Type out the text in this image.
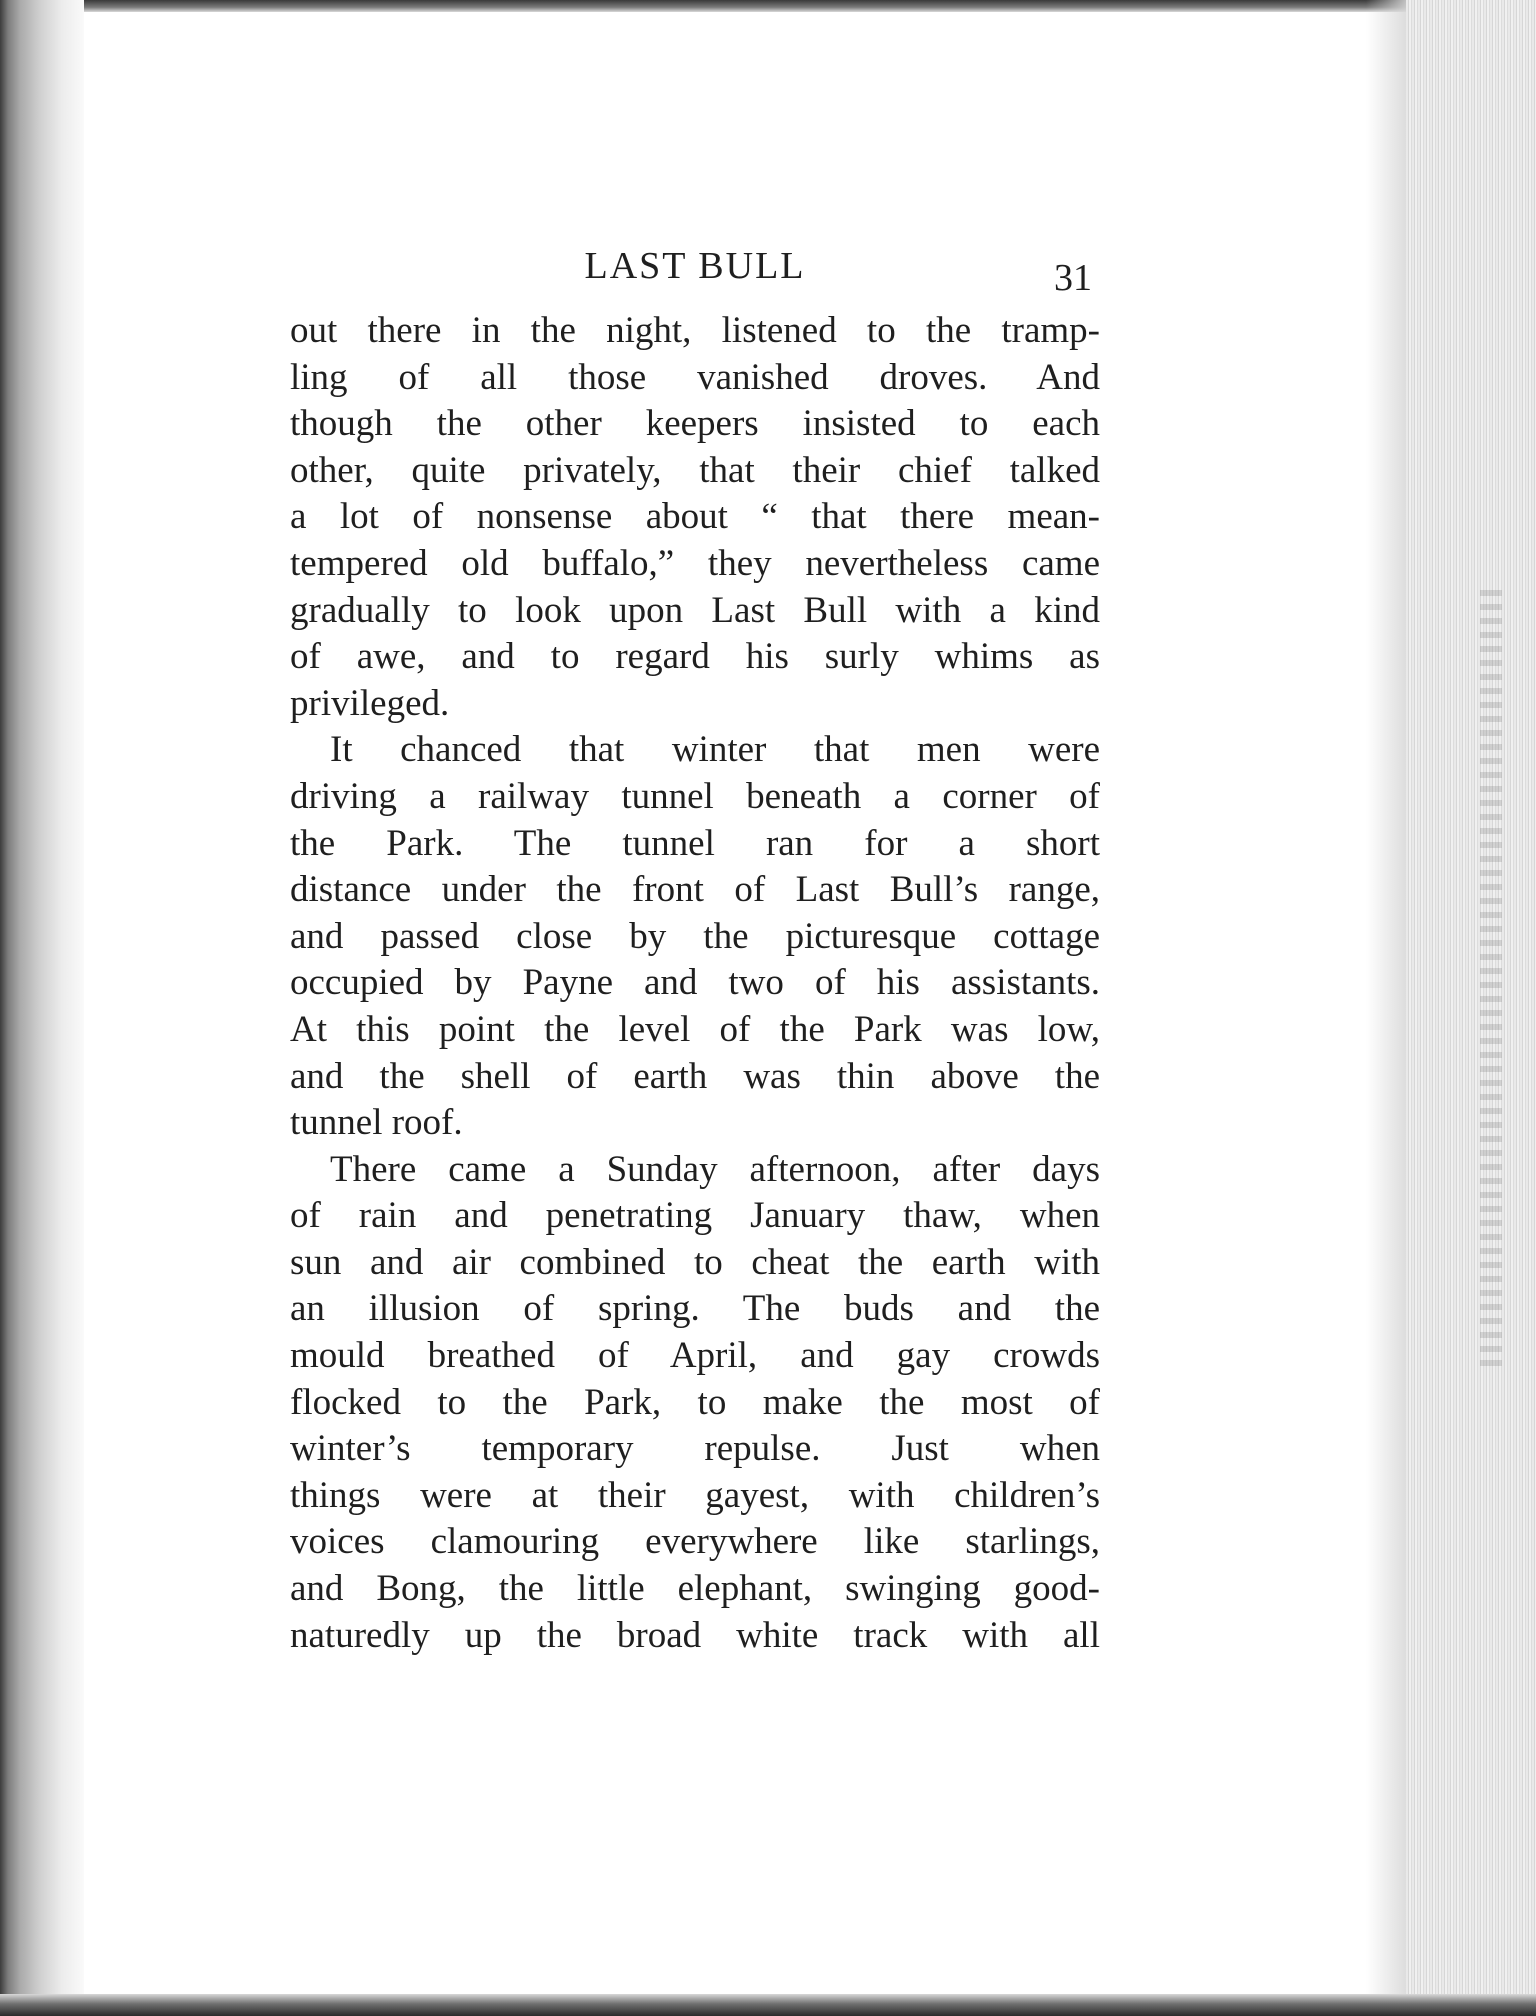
LAST BULL	31

out there in the night, listened to the tramp-
ling of all those vanished droves. And
though the other keepers insisted to each
other, quite privately, that their chief talked
a lot of nonsense about “ that there mean-
tempered old buffalo,” they nevertheless came
gradually to look upon Last Bull with a kind
of awe, and to regard his surly whims as
privileged.

It chanced that winter that men were
driving a railway tunnel beneath a corner of
the Park. The tunnel ran for a short
distance under the front of Last Bull’s range,
and passed close by the picturesque cottage
occupied by Payne and two of his assistants.
At this point the level of the Park was low,
and the shell of earth was thin above the
tunnel roof.

There came a Sunday afternoon, after days
of rain and penetrating January thaw, when
sun and air combined to cheat the earth with
an illusion of spring. The buds and the
mould breathed of April, and gay crowds
flocked to the Park, to make the most of
winter’s temporary repulse. Just when
things were at their gayest, with children’s
voices clamouring everywhere like starlings,
and Bong, the little elephant, swinging good-
naturedly up the broad white track with all
